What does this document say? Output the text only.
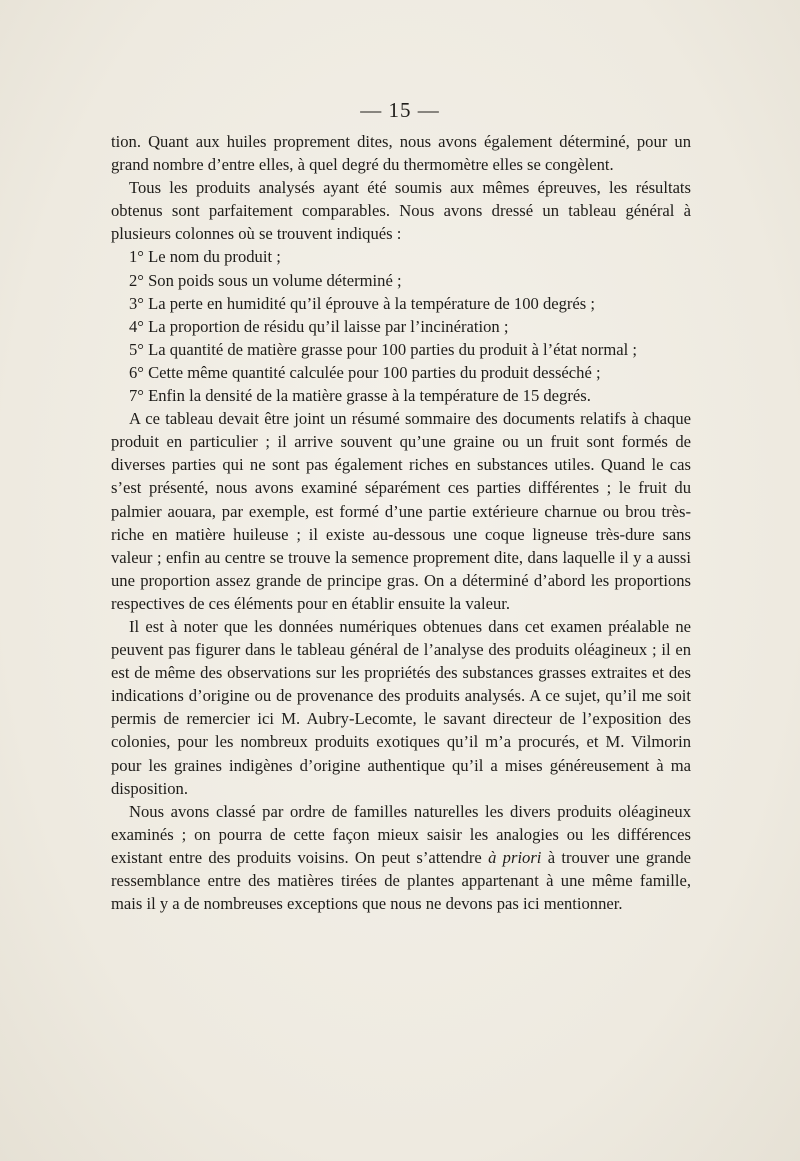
— 15 —

tion. Quant aux huiles proprement dites, nous avons également déterminé, pour un grand nombre d’entre elles, à quel degré du thermomètre elles se congèlent.

Tous les produits analysés ayant été soumis aux mêmes épreuves, les résultats obtenus sont parfaitement comparables. Nous avons dressé un tableau général à plusieurs colonnes où se trouvent indiqués :

1° Le nom du produit ;

2° Son poids sous un volume déterminé ;

3° La perte en humidité qu’il éprouve à la température de 100 degrés ;

4° La proportion de résidu qu’il laisse par l’incinération ;

5° La quantité de matière grasse pour 100 parties du produit à l’état normal ;

6° Cette même quantité calculée pour 100 parties du produit desséché ;

7° Enfin la densité de la matière grasse à la température de 15 degrés.

A ce tableau devait être joint un résumé sommaire des documents relatifs à chaque produit en particulier ; il arrive souvent qu’une graine ou un fruit sont formés de diverses parties qui ne sont pas également riches en substances utiles. Quand le cas s’est présenté, nous avons examiné séparément ces parties différentes ; le fruit du palmier aouara, par exemple, est formé d’une partie extérieure charnue ou brou très-riche en matière huileuse ; il existe au-dessous une coque ligneuse très-dure sans valeur ; enfin au centre se trouve la semence proprement dite, dans laquelle il y a aussi une proportion assez grande de principe gras. On a déterminé d’abord les proportions respectives de ces éléments pour en établir ensuite la valeur.

Il est à noter que les données numériques obtenues dans cet examen préalable ne peuvent pas figurer dans le tableau général de l’analyse des produits oléagineux ; il en est de même des observations sur les propriétés des substances grasses extraites et des indications d’origine ou de provenance des produits analysés. A ce sujet, qu’il me soit permis de remercier ici M. Aubry-Lecomte, le savant directeur de l’exposition des colonies, pour les nombreux produits exotiques qu’il m’a procurés, et M. Vilmorin pour les graines indigènes d’origine authentique qu’il a mises généreusement à ma disposition.

Nous avons classé par ordre de familles naturelles les divers produits oléagineux examinés ; on pourra de cette façon mieux saisir les analogies ou les différences existant entre des produits voisins. On peut s’attendre à priori à trouver une grande ressemblance entre des matières tirées de plantes appartenant à une même famille, mais il y a de nombreuses exceptions que nous ne devons pas ici mentionner.
